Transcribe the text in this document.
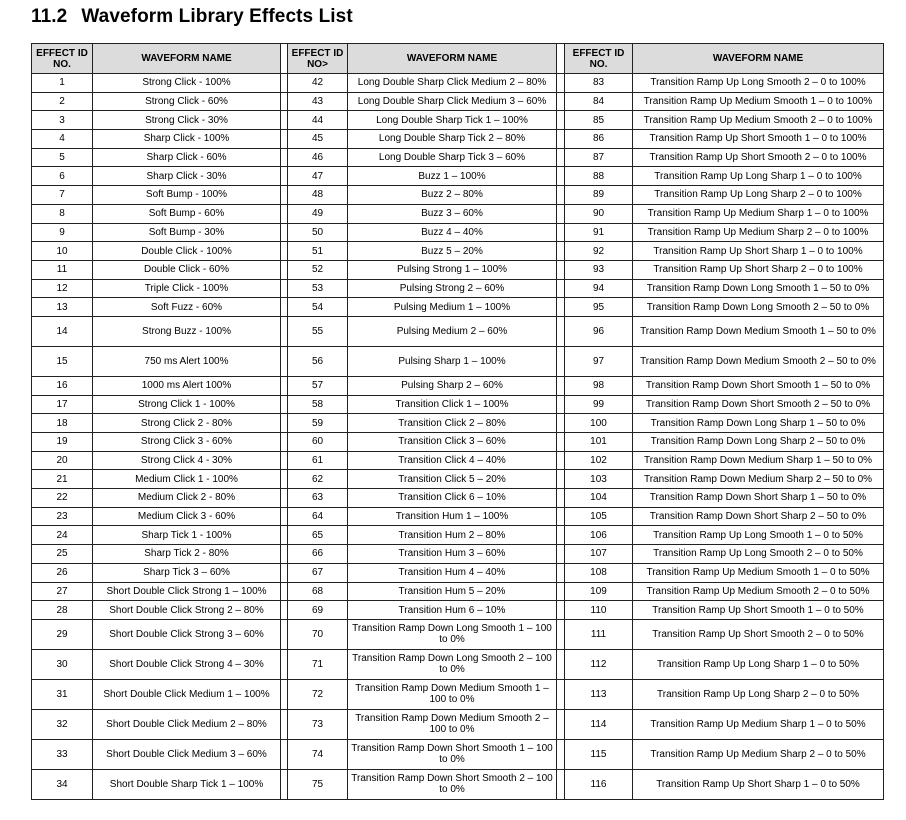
11.2 Waveform Library Effects List
EFFECT ID NO.	WAVEFORM NAME		EFFECT ID NO>	WAVEFORM NAME		EFFECT ID NO.	WAVEFORM NAME
1	Strong Click - 100%		42	Long Double Sharp Click Medium 2 – 80%		83	Transition Ramp Up Long Smooth 2 – 0 to 100%
2	Strong Click - 60%		43	Long Double Sharp Click Medium 3 – 60%		84	Transition Ramp Up Medium Smooth 1 – 0 to 100%
3	Strong Click - 30%		44	Long Double Sharp Tick 1 – 100%		85	Transition Ramp Up Medium Smooth 2 – 0 to 100%
4	Sharp Click - 100%		45	Long Double Sharp Tick 2 – 80%		86	Transition Ramp Up Short Smooth 1 – 0 to 100%
5	Sharp Click - 60%		46	Long Double Sharp Tick 3 – 60%		87	Transition Ramp Up Short Smooth 2 – 0 to 100%
6	Sharp Click - 30%		47	Buzz 1 – 100%		88	Transition Ramp Up Long Sharp 1 – 0 to 100%
7	Soft Bump - 100%		48	Buzz 2 – 80%		89	Transition Ramp Up Long Sharp 2 – 0 to 100%
8	Soft Bump - 60%		49	Buzz 3 – 60%		90	Transition Ramp Up Medium Sharp 1 – 0 to 100%
9	Soft Bump - 30%		50	Buzz 4 – 40%		91	Transition Ramp Up Medium Sharp 2 – 0 to 100%
10	Double Click - 100%		51	Buzz 5 – 20%		92	Transition Ramp Up Short Sharp 1 – 0 to 100%
11	Double Click - 60%		52	Pulsing Strong 1 – 100%		93	Transition Ramp Up Short Sharp 2 – 0 to 100%
12	Triple Click - 100%		53	Pulsing Strong 2 – 60%		94	Transition Ramp Down Long Smooth 1 – 50 to 0%
13	Soft Fuzz - 60%		54	Pulsing Medium 1 – 100%		95	Transition Ramp Down Long Smooth 2 – 50 to 0%
14	Strong Buzz - 100%		55	Pulsing Medium 2 – 60%		96	Transition Ramp Down Medium Smooth 1 – 50 to 0%
15	750 ms Alert 100%		56	Pulsing Sharp 1 – 100%		97	Transition Ramp Down Medium Smooth 2 – 50 to 0%
16	1000 ms Alert 100%		57	Pulsing Sharp 2 – 60%		98	Transition Ramp Down Short Smooth 1 – 50 to 0%
17	Strong Click 1 - 100%		58	Transition Click 1 – 100%		99	Transition Ramp Down Short Smooth 2 – 50 to 0%
18	Strong Click 2 - 80%		59	Transition Click 2 – 80%		100	Transition Ramp Down Long Sharp 1 – 50 to 0%
19	Strong Click 3 - 60%		60	Transition Click 3 – 60%		101	Transition Ramp Down Long Sharp 2 – 50 to 0%
20	Strong Click 4 - 30%		61	Transition Click 4 – 40%		102	Transition Ramp Down Medium Sharp 1 – 50 to 0%
21	Medium Click 1 - 100%		62	Transition Click 5 – 20%		103	Transition Ramp Down Medium Sharp 2 – 50 to 0%
22	Medium Click 2 - 80%		63	Transition Click 6 – 10%		104	Transition Ramp Down Short Sharp 1 – 50 to 0%
23	Medium Click 3 - 60%		64	Transition Hum 1 – 100%		105	Transition Ramp Down Short Sharp 2 – 50 to 0%
24	Sharp Tick 1 - 100%		65	Transition Hum 2 – 80%		106	Transition Ramp Up Long Smooth 1 – 0 to 50%
25	Sharp Tick 2 - 80%		66	Transition Hum 3 – 60%		107	Transition Ramp Up Long Smooth 2 – 0 to 50%
26	Sharp Tick 3 – 60%		67	Transition Hum 4 – 40%		108	Transition Ramp Up Medium Smooth 1 – 0 to 50%
27	Short Double Click Strong 1 – 100%		68	Transition Hum 5 – 20%		109	Transition Ramp Up Medium Smooth 2 – 0 to 50%
28	Short Double Click Strong 2 – 80%		69	Transition Hum 6 – 10%		110	Transition Ramp Up Short Smooth 1 – 0 to 50%
29	Short Double Click Strong 3 – 60%		70	Transition Ramp Down Long Smooth 1 – 100 to 0%		111	Transition Ramp Up Short Smooth 2 – 0 to 50%
30	Short Double Click Strong 4 – 30%		71	Transition Ramp Down Long Smooth 2 – 100 to 0%		112	Transition Ramp Up Long Sharp 1 – 0 to 50%
31	Short Double Click Medium 1 – 100%		72	Transition Ramp Down Medium Smooth 1 – 100 to 0%		113	Transition Ramp Up Long Sharp 2 – 0 to 50%
32	Short Double Click Medium 2 – 80%		73	Transition Ramp Down Medium Smooth 2 – 100 to 0%		114	Transition Ramp Up Medium Sharp 1 – 0 to 50%
33	Short Double Click Medium 3 – 60%		74	Transition Ramp Down Short Smooth 1 – 100 to 0%		115	Transition Ramp Up Medium Sharp 2 – 0 to 50%
34	Short Double Sharp Tick 1 – 100%		75	Transition Ramp Down Short Smooth 2 – 100 to 0%		116	Transition Ramp Up Short Sharp 1 – 0 to 50%
